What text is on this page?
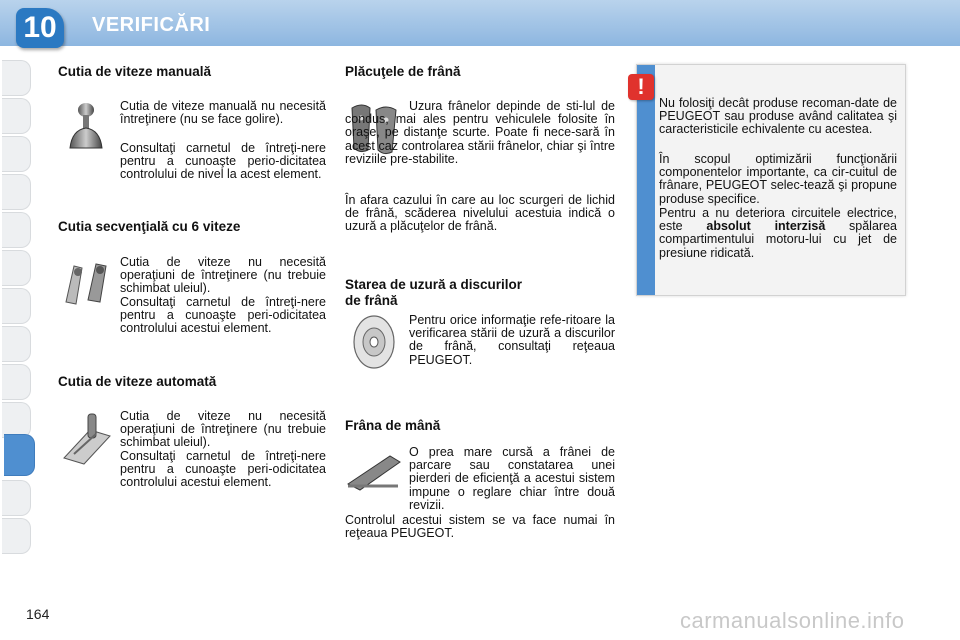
10	VERIFICĂRI
Cutia de viteze manuală

Cutia de viteze manuală nu necesită întreţinere (nu se face golire).

Consultaţi carnetul de întreţi-nere pentru a cunoaşte perio-dicitatea controlului de nivel la acest element.

Cutia secvenţială cu 6 viteze

Cutia de viteze nu necesită operaţiuni de întreţinere (nu trebuie schimbat uleiul).

Consultaţi carnetul de întreţi-nere pentru a cunoaşte peri-odicitatea controlului acestui element.

Cutia de viteze automată

Cutia de viteze nu necesită operaţiuni de întreţinere (nu trebuie schimbat uleiul).

Consultaţi carnetul de întreţi-nere pentru a cunoaşte peri-odicitatea controlului acestui element.

Plăcuţele de frână

Uzura frânelor depinde de sti-lul de condus, mai ales pentru vehiculele folosite în oraşe, pe distanţe scurte. Poate fi nece-sară în acest caz controlarea stării frânelor, chiar şi între reviziile pre-stabilite.

În afara cazului în care au loc scurgeri de lichid de frână, scăderea nivelului acestuia indică o uzură a plăcuţelor de frână.

Starea de uzură a discurilor
de frână

Pentru orice informaţie refe-ritoare la verificarea stării de uzură a discurilor de frână, consultaţi reţeaua PEUGEOT.

Frâna de mână

O prea mare cursă a frânei de parcare sau constatarea unei pierderi de eficienţă a acestui sistem impune o reglare chiar între două revizii.

Controlul acestui sistem se va face numai în reţeaua PEUGEOT.

Nu folosiţi decât produse recoman-date de PEUGEOT sau produse având calitatea şi caracteristicile echivalente cu acestea.

În scopul optimizării funcţionării componentelor importante, ca cir-cuitul de frânare, PEUGEOT selec-tează şi propune produse specifice.

Pentru a nu deteriora circuitele electrice, este absolut interzisă spălarea compartimentului motoru-lui cu jet de presiune ridicată.

!
164	carmanualsonline.info
